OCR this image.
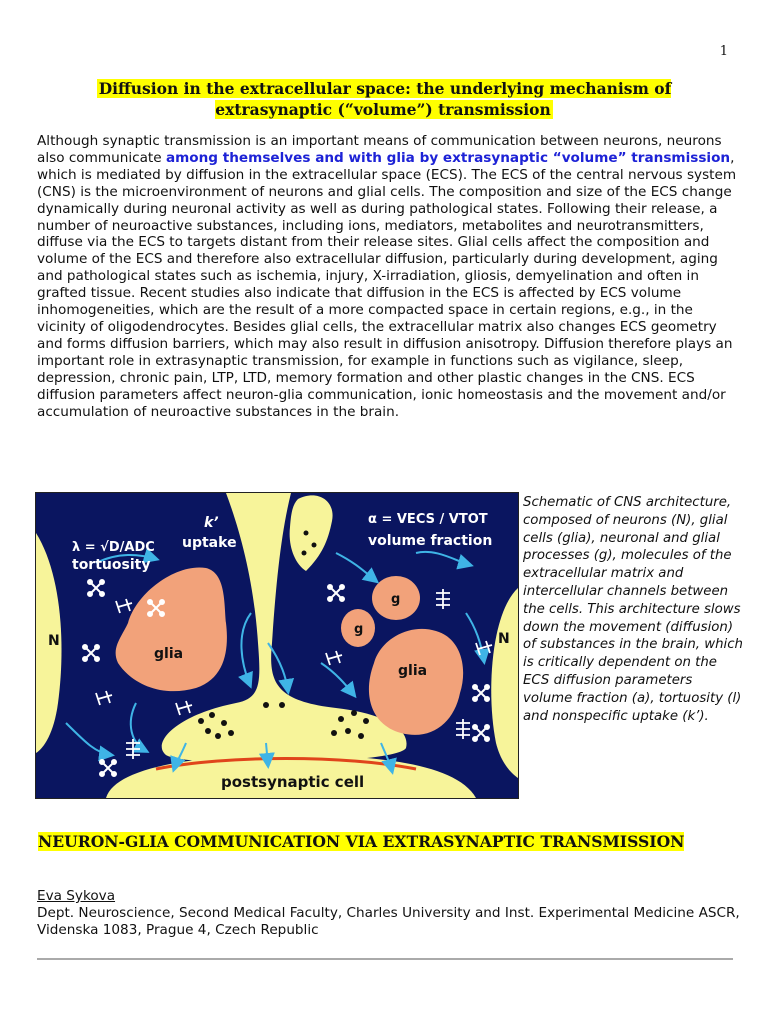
1
Diffusion in the extracellular space: the underlying mechanism of extrasynaptic (“volume”) transmission

Although synaptic transmission is an important means of communication between neurons, neurons also communicate among themselves and with glia by extrasynaptic “volume” transmission, which is mediated by diffusion in the extracellular space (ECS). The ECS of the central nervous system (CNS) is the microenvironment of neurons and glial cells. The composition and size of the ECS change dynamically during neuronal activity as well as during pathological states. Following their release, a number of neuroactive substances, including ions, mediators, metabolites and neurotransmitters, diffuse via the ECS to targets distant from their release sites. Glial cells affect the composition and volume of the ECS and therefore also extracellular diffusion, particularly during development, aging and pathological states such as ischemia, injury, X-irradiation, gliosis, demyelination and often in grafted tissue. Recent studies also indicate that diffusion in the ECS is affected by ECS volume inhomogeneities, which are the result of a more compacted space in certain regions, e.g., in the vicinity of oligodendrocytes. Besides glial cells, the extracellular matrix also changes ECS geometry and forms diffusion barriers, which may also result in diffusion anisotropy. Diffusion therefore plays an important role in extrasynaptic transmission, for example in functions such as vigilance, sleep, depression, chronic pain, LTP, LTD, memory formation and other plastic changes in the CNS. ECS diffusion parameters affect neuron-glia communication, ionic homeostasis and the movement and/or accumulation of neuroactive substances in the brain.

λ = √D/ADC
tortuosity
k’
uptake
α = VECS / VTOT
volume fraction
N	N
glia
glia
g
g
postsynaptic cell

Schematic of CNS architecture, composed of neurons (N), glial cells (glia), neuronal and glial processes (g), molecules of the extracellular matrix and intercellular channels between the cells. This architecture slows down the movement (diffusion) of substances in the brain, which is critically dependent on the ECS diffusion parameters volume fraction (a), tortuosity (l) and nonspecific uptake (k’).

NEURON-GLIA COMMUNICATION VIA EXTRASYNAPTIC TRANSMISSION
Eva Sykova

Dept. Neuroscience, Second Medical Faculty, Charles University and Inst. Experimental Medicine ASCR, Videnska 1083, Prague 4, Czech Republic
